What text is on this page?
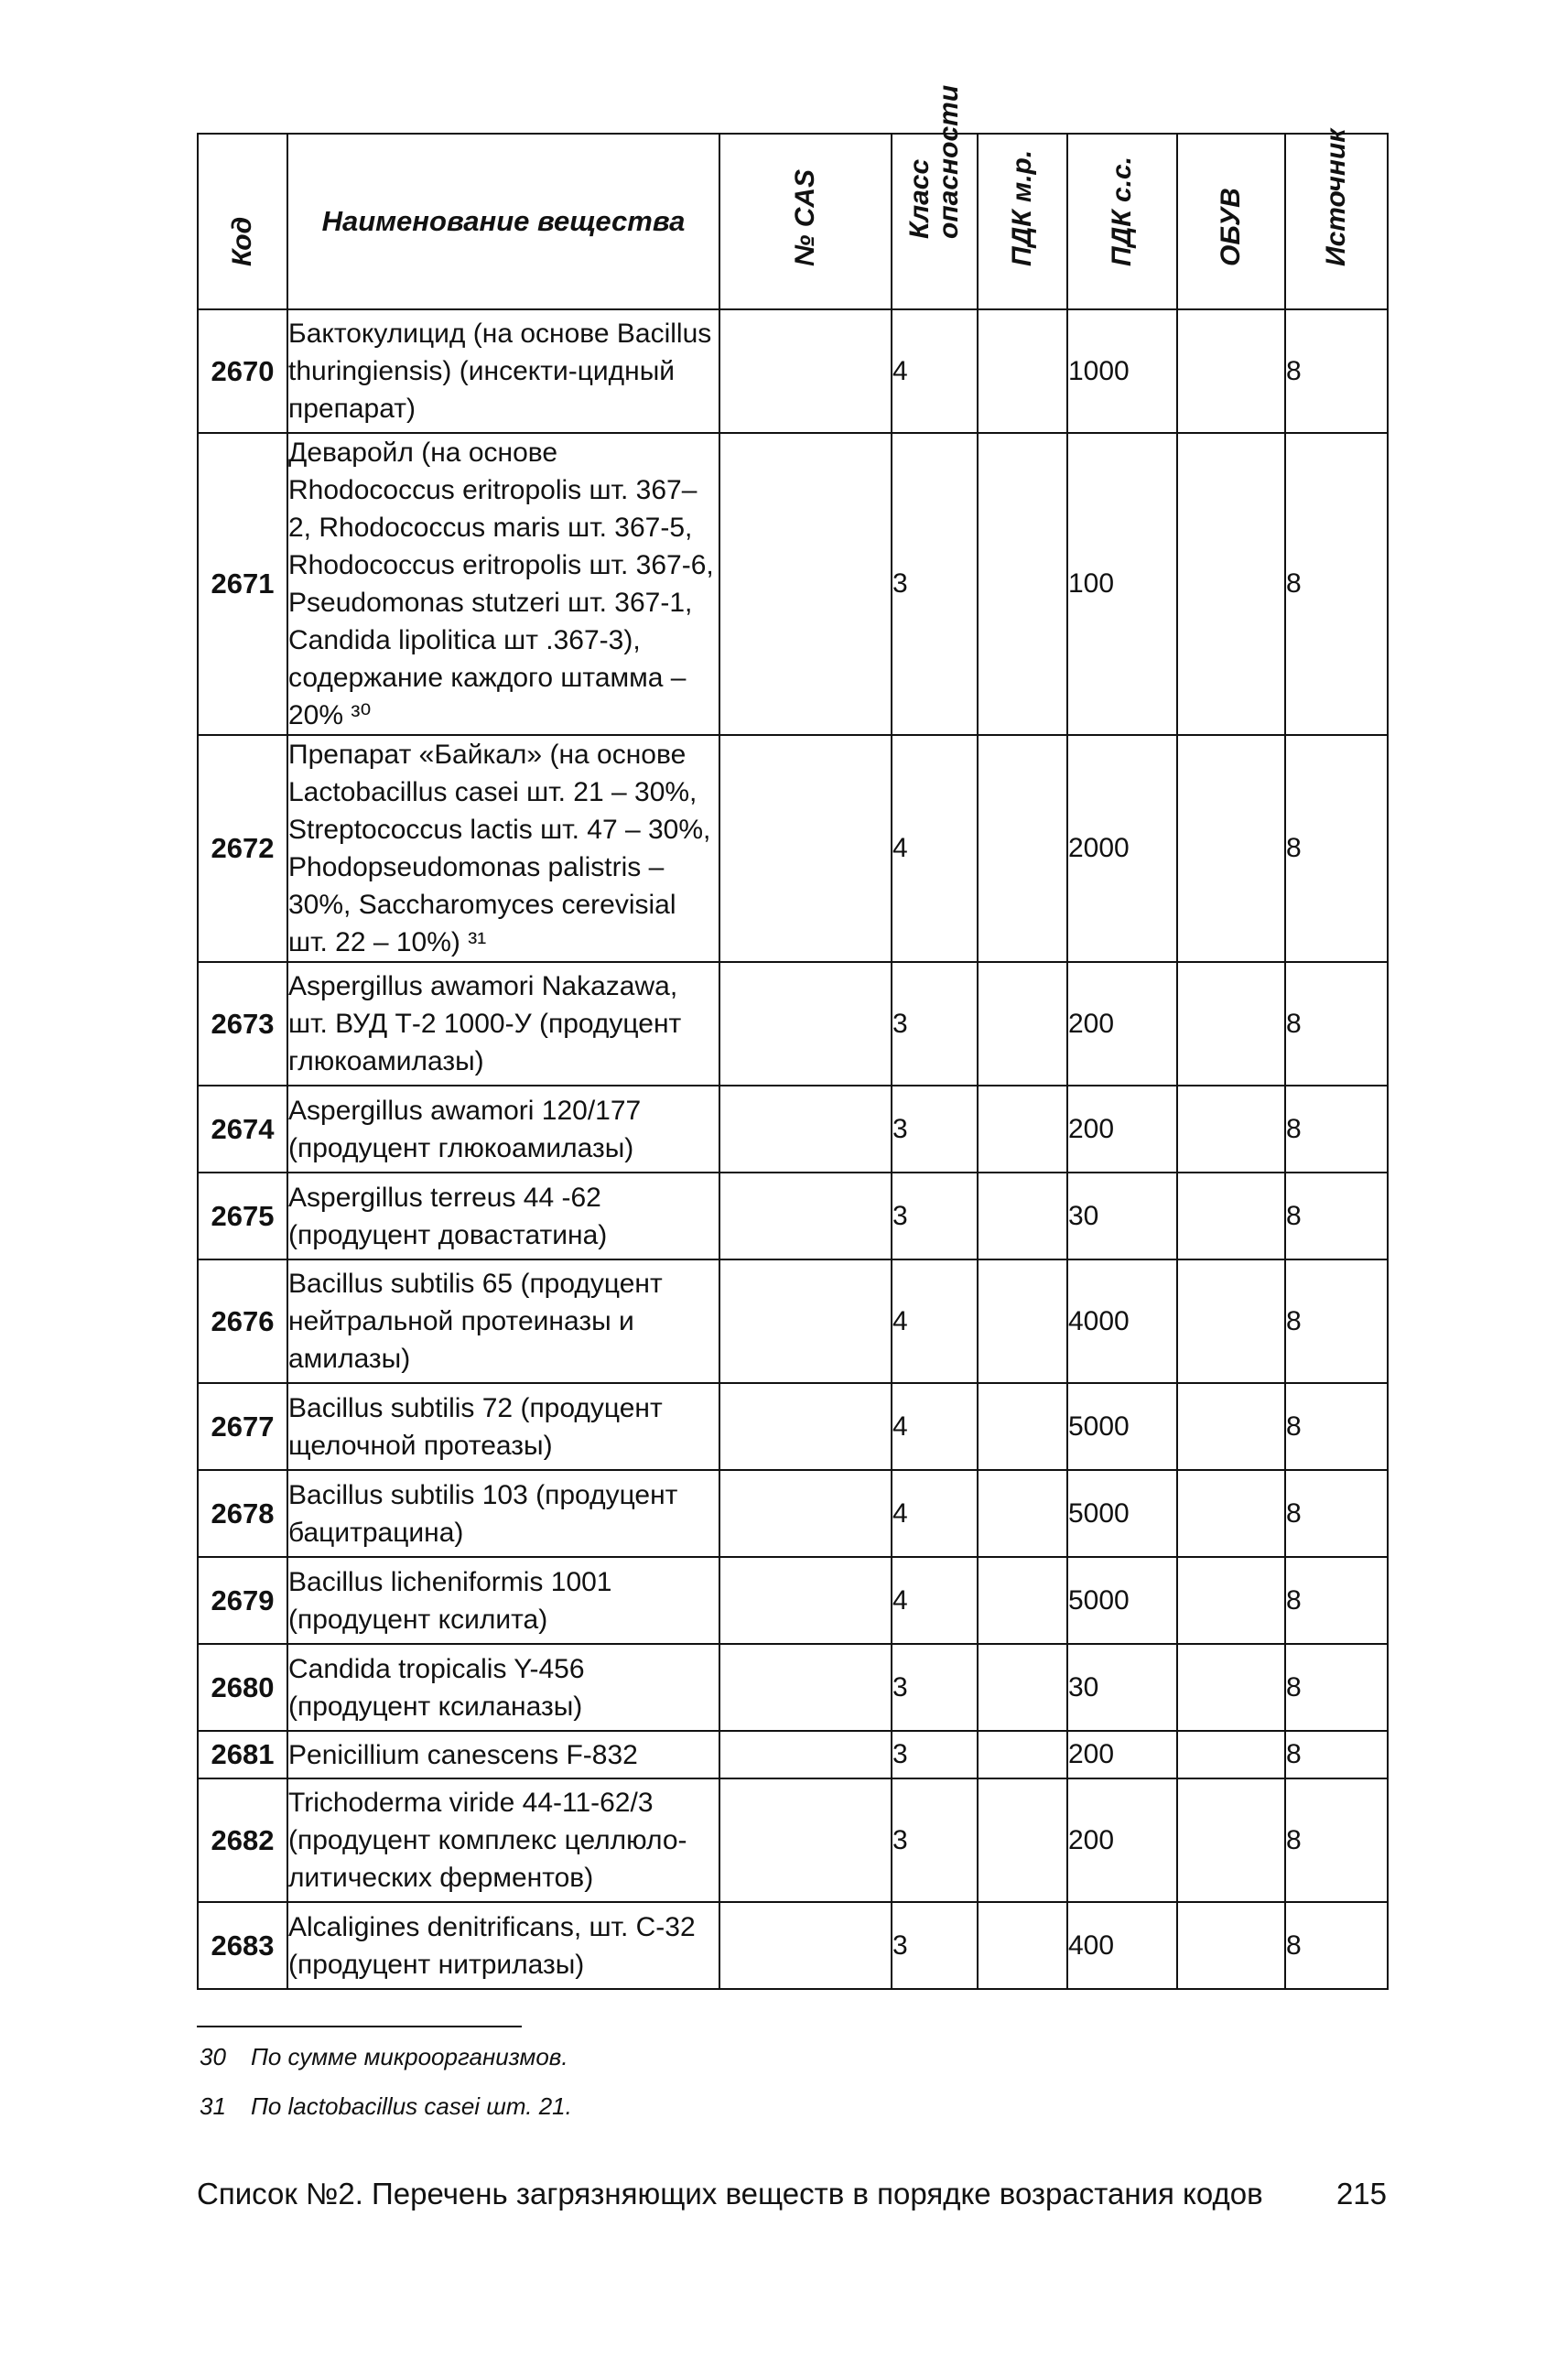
Код	Наименование вещества	№ CAS	Класс опасности	ПДК м.р.	ПДК с.с.	ОБУВ	Источник

2670	Бактокулицид (на основе Bacillus thuringiensis) (инсекти-цидный препарат)		4		1000		8
2671	Деваройл (на основе Rhodococcus eritropolis шт. 367–2, Rhodococcus maris шт. 367-5, Rhodococcus eritropolis шт. 367-6, Pseudomonas stutzeri шт. 367-1, Candida lipolitica шт .367-3), содержание каждого штамма – 20% ³⁰		3		100		8
2672	Препарат «Байкал» (на основе Lactobacillus casei шт. 21 – 30%, Streptococcus lactis шт. 47 – 30%, Phodopseudomonas palistris – 30%, Saccharomyces cerevisial шт. 22 – 10%) ³¹		4		2000		8
2673	Aspergillus awamori Nakazawa, шт. ВУД Т-2 1000-У (продуцент глюкоамилазы)		3		200		8
2674	Aspergillus awamori 120/177 (продуцент глюкоамилазы)		3		200		8
2675	Aspergillus terreus 44 -62 (продуцент довастатина)		3		30		8
2676	Bacillus subtilis 65 (продуцент нейтральной протеиназы и амилазы)		4		4000		8
2677	Bacillus subtilis 72 (продуцент щелочной протеазы)		4		5000		8
2678	Bacillus subtilis 103 (продуцент бацитрацина)		4		5000		8
2679	Bacillus licheniformis 1001 (продуцент ксилита)		4		5000		8
2680	Candida tropicalis Y-456 (продуцент ксиланазы)		3		30		8
2681	Penicillium canescens F-832		3		200		8
2682	Trichoderma viride 44-11-62/3 (продуцент комплекс целлюло-литических ферментов)		3		200		8
2683	Alcaligines denitrificans, шт. С-32 (продуцент нитрилазы)		3		400		8
30 По сумме микроорганизмов.
31 По lactobacillus casei шт. 21.
Список №2. Перечень загрязняющих веществ в порядке возрастания кодов 215
